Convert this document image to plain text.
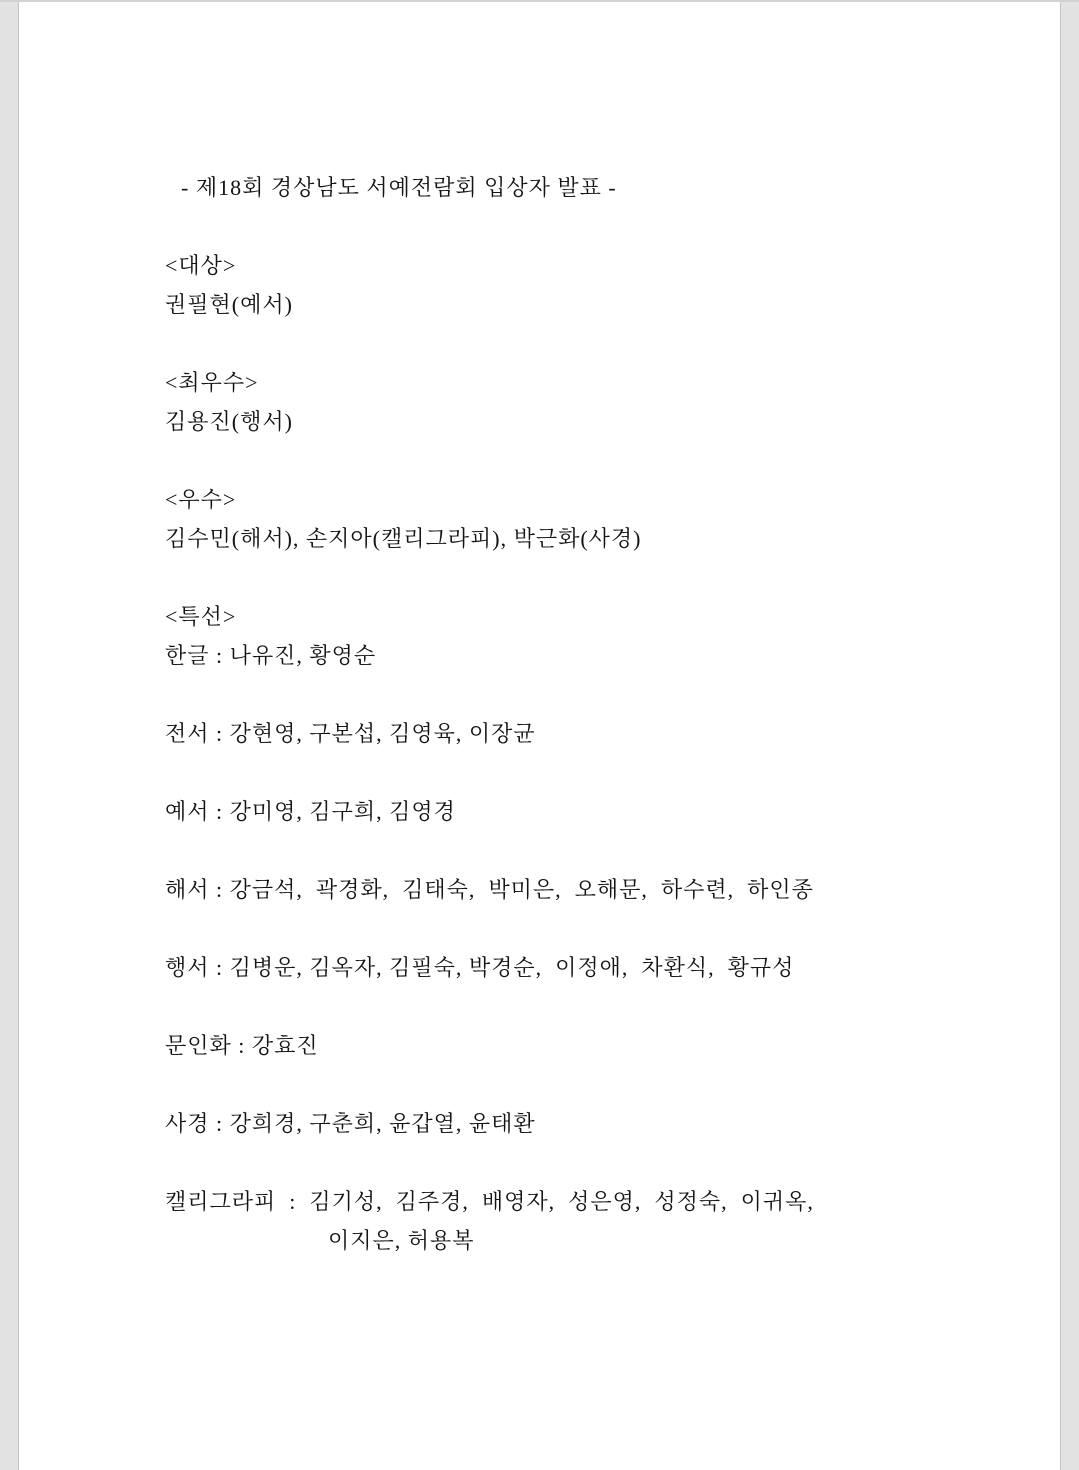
- 제18회 경상남도 서예전람회 입상자 발표 -

<대상>
권필현(예서)

<최우수>
김용진(행서)

<우수>
김수민(해서), 손지아(캘리그라피), 박근화(사경)

<특선>
한글 : 나유진, 황영순

전서 : 강현영, 구본섭, 김영육, 이장균

예서 : 강미영, 김구희, 김영경

해서 : 강금석,  곽경화,  김태숙,  박미은,  오해문,  하수련,  하인종

행서 : 김병운, 김옥자, 김필숙, 박경순,  이정애,  차환식,  황규성

문인화 : 강효진

사경 : 강희경, 구춘희, 윤갑열, 윤태환

캘리그라피  :  김기성,  김주경,  배영자,  성은영,  성정숙,  이귀옥,
이지은, 허용복
